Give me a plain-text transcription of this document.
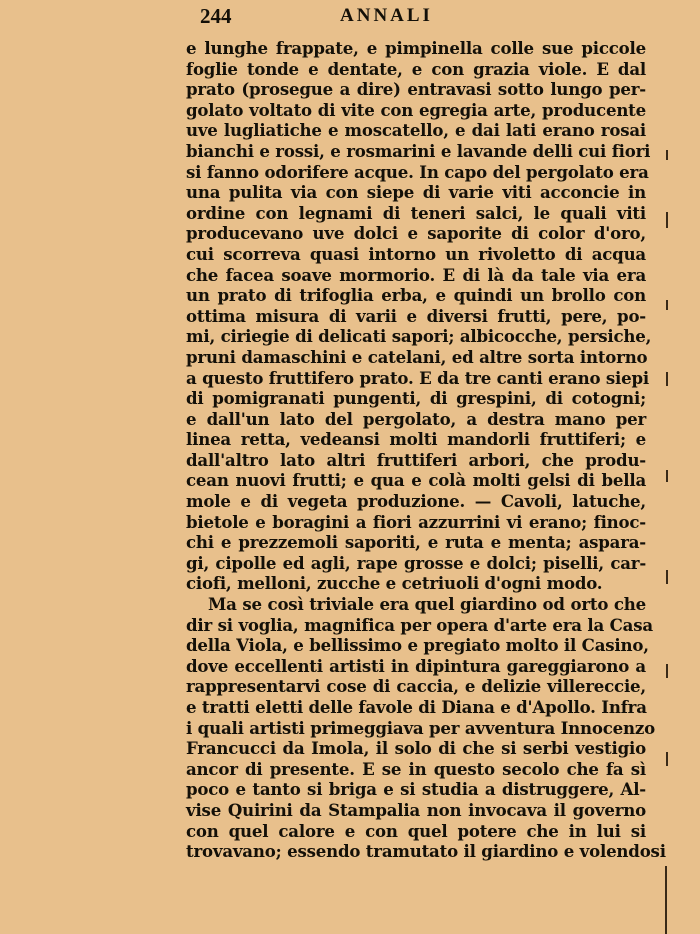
244	ANNALI
e lunghe frappate, e pimpinella colle sue piccole
foglie tonde e dentate, e con grazia viole. E dal
prato (prosegue a dire) entravasi sotto lungo per-
golato voltato di vite con egregia arte, producente
uve lugliatiche e moscatello, e dai lati erano rosai
bianchi e rossi, e rosmarini e lavande delli cui fiori
si fanno odorifere acque. In capo del pergolato era
una pulita via con siepe di varie viti acconcie in
ordine con legnami di teneri salci, le quali viti
producevano uve dolci e saporite di color d'oro,
cui scorreva quasi intorno un rivoletto di acqua
che facea soave mormorio. E di là da tale via era
un prato di trifoglia erba, e quindi un brollo con
ottima misura di varii e diversi frutti, pere, po-
mi, ciriegie di delicati sapori; albicocche, persiche,
pruni damaschini e catelani, ed altre sorta intorno
a questo fruttifero prato. E da tre canti erano siepi
di pomigranati pungenti, di grespini, di cotogni;
e dall'un lato del pergolato, a destra mano per
linea retta, vedeansi molti mandorli fruttiferi; e
dall'altro lato altri fruttiferi arbori, che produ-
cean nuovi frutti; e qua e colà molti gelsi di bella
mole e di vegeta produzione. — Cavoli, latuche,
bietole e boragini a fiori azzurrini vi erano; finoc-
chi e prezzemoli saporiti, e ruta e menta; aspara-
gi, cipolle ed agli, rape grosse e dolci; piselli, car-
ciofi, melloni, zucche e cetriuoli d'ogni modo.
Ma se così triviale era quel giardino od orto che
dir si voglia, magnifica per opera d'arte era la Casa
della Viola, e bellissimo e pregiato molto il Casino,
dove eccellenti artisti in dipintura gareggiarono a
rappresentarvi cose di caccia, e delizie villereccie,
e tratti eletti delle favole di Diana e d'Apollo. Infra
i quali artisti primeggiava per avventura Innocenzo
Francucci da Imola, il solo di che si serbi vestigio
ancor di presente. E se in questo secolo che fa sì
poco e tanto si briga e si studia a distruggere, Al-
vise Quirini da Stampalia non invocava il governo
con quel calore e con quel potere che in lui si
trovavano; essendo tramutato il giardino e volendosi
